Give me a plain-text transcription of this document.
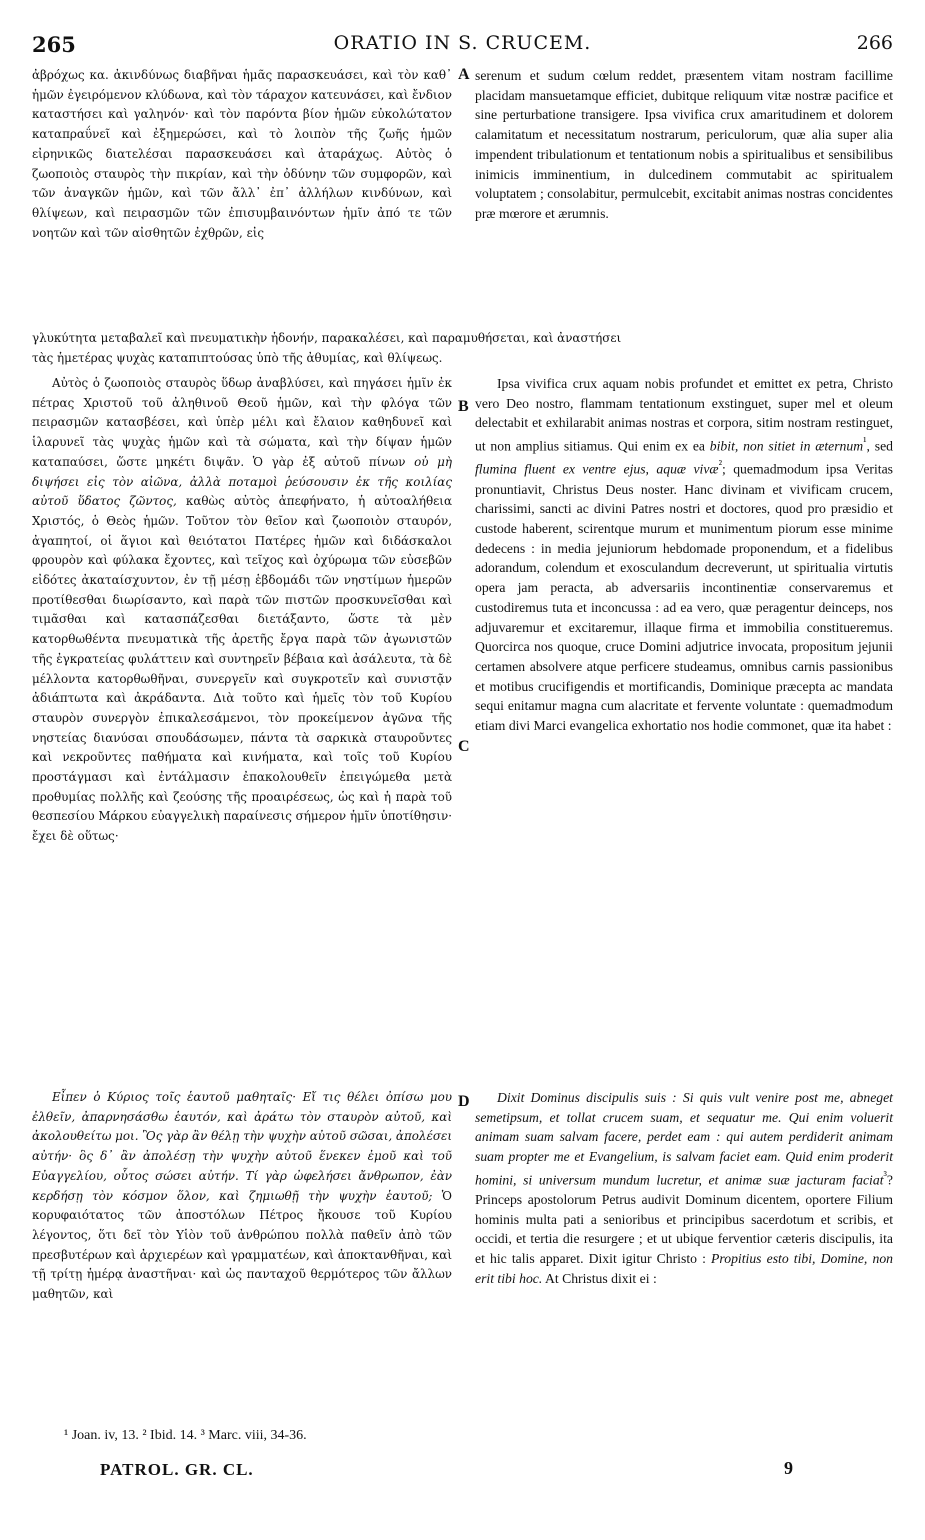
265	ORATIO IN S. CRUCEM.	266

ἀβρόχως κα. ἀκινδύνως διαβῆναι ἡμᾶς παρασκευάσει, καὶ τὸν καθ᾽ ἡμῶν ἐγειρόμενον κλύδωνα, καὶ τὸν τάραχον κατευνάσει, καὶ ἔνδιον καταστήσει καὶ γαληνόν· καὶ τὸν παρόντα βίον ἡμῶν εὐκολώτατον καταπραΰνεῖ καὶ ἐξημερώσει, καὶ τὸ λοιπὸν τῆς ζωῆς ἡμῶν εἰρηνικῶς διατελέσαι παρασκευάσει καὶ ἀταράχως. Αὐτὸς ὁ ζωοποιὸς σταυρὸς τὴν πικρίαν, καὶ τὴν ὀδύνην τῶν συμφορῶν, καὶ τῶν ἀναγκῶν ἡμῶν, καὶ τῶν ἄλλ᾽ ἐπ᾽ ἀλλήλων κινδύνων, καὶ θλίψεων, καὶ πειρασμῶν τῶν ἐπισυμβαινόντων ἡμῖν ἀπό τε τῶν νοητῶν καὶ τῶν αἰσθητῶν ἐχθρῶν, εἰς

A serenum et sudum cœlum reddet, præsentem vitam nostram facillime placidam mansuetamque efficiet, dubitque reliquum vitæ nostræ pacifice et sine perturbatione transigere. Ipsa vivifica crux amaritudinem et dolorem calamitatum et necessitatum nostrarum, periculorum, quæ alia super alia impendent tribulationum et tentationum nobis a spiritualibus et sensibilibus inimicis imminentium, in dulcedinem commutabit ac spiritualem voluptatem ; consolabitur, permulcebit, excitabit animas nostras concidentes præ mœrore et ærumnis.

γλυκύτητα μεταβαλεῖ καὶ πνευματικὴν ἡδονήν, παρακαλέσει, καὶ παραμυθήσεται, καὶ ἀναστήσει
τὰς ἡμετέρας ψυχὰς καταπιπτούσας ὑπὸ τῆς ἀθυμίας, καὶ θλίψεως.

Αὐτὸς ὁ ζωοποιὸς σταυρὸς ὕδωρ ἀναβλύσει, καὶ πηγάσει ἡμῖν ἐκ πέτρας Χριστοῦ τοῦ ἀληθινοῦ Θεοῦ ἡμῶν, καὶ τὴν φλόγα τῶν πειρασμῶν κατασβέσει, καὶ ὑπὲρ μέλι καὶ ἔλαιον καθηδυνεῖ καὶ ἱλαρυνεῖ τὰς ψυχὰς ἡμῶν καὶ τὰ σώματα, καὶ τὴν δίψαν ἡμῶν καταπαύσει, ὥστε μηκέτι διψᾶν. Ὁ γὰρ ἐξ αὐτοῦ πίνων οὐ μὴ διψήσει εἰς τὸν αἰῶνα, ἀλλὰ ποταμοὶ ῥεύσουσιν ἐκ τῆς κοιλίας αὐτοῦ ὕδατος ζῶντος, καθὼς αὐτὸς ἀπεφήνατο, ἡ αὐτοαλήθεια Χριστός, ὁ Θεὸς ἡμῶν. Τοῦτον τὸν θεῖον καὶ ζωοποιὸν σταυρόν, ἀγαπητοί, οἱ ἅγιοι καὶ θειότατοι Πατέρες ἡμῶν καὶ διδάσκαλοι φρουρὸν καὶ φύλακα ἔχοντες, καὶ τεῖχος καὶ ὀχύρωμα τῶν εὐσεβῶν εἰδότες ἀκαταίσχυντον, ἐν τῇ μέσῃ ἑβδομάδι τῶν νηστίμων ἡμερῶν προτίθεσθαι διωρίσαντο, καὶ παρὰ τῶν πιστῶν προσκυνεῖσθαι καὶ τιμᾶσθαι καὶ κατασπάζεσθαι διετάξαντο, ὥστε τὰ μὲν κατορθωθέντα πνευματικὰ τῆς ἀρετῆς ἔργα παρὰ τῶν ἀγωνιστῶν τῆς ἐγκρατείας φυλάττειν καὶ συντηρεῖν βέβαια καὶ ἀσάλευτα, τὰ δὲ μέλλοντα κατορθωθῆναι, συνεργεῖν καὶ συγκροτεῖν καὶ συνιστᾷν ἀδιάπτωτα καὶ ἀκράδαντα. Διὰ τοῦτο καὶ ἡμεῖς τὸν τοῦ Κυρίου σταυρὸν συνεργὸν ἐπικαλεσάμενοι, τὸν προκείμενον ἀγῶνα τῆς νηστείας διανύσαι σπουδάσωμεν, πάντα τὰ σαρκικὰ σταυροῦντες καὶ νεκροῦντες παθήματα καὶ κινήματα, καὶ τοῖς τοῦ Κυρίου προστάγμασι καὶ ἐντάλμασιν ἐπακολουθεῖν ἐπειγώμεθα μετὰ προθυμίας πολλῆς καὶ ζεούσης τῆς προαιρέσεως, ὡς καὶ ἡ παρὰ τοῦ θεσπεσίου Μάρκου εὐαγγελικὴ παραίνεσις σήμερον ἡμῖν ὑποτίθησιν· ἔχει δὲ οὕτως·

B
C

Ipsa vivifica crux aquam nobis profundet et emittet ex petra, Christo vero Deo nostro, flammam tentationum exstinguet, super mel et oleum delectabit et exhilarabit animas nostras et corpora, sitim nostram restinguet, ut non amplius sitiamus. Qui enim ex ea bibit, non sitiet in æternum$^{^1}$, sed flumina fluent ex ventre ejus, aquæ vivæ$^{^2}$; quemadmodum ipsa Veritas pronuntiavit, Christus Deus noster. Hanc divinam et vivificam crucem, charissimi, sancti ac divini Patres nostri et doctores, quod pro præsidio et custode haberent, scirentque murum et munimentum piorum esse minime dedecens : in media jejuniorum hebdomade proponendum, et a fidelibus adorandum, colendum et exosculandum decreverunt, ut spiritualia virtutis opera jam peracta, ab adversariis incontinentiæ conservaremus et custodiremus tuta et inconcussa : ad ea vero, quæ peragentur deinceps, nos adjuvaremur et excitaremur, illaque firma et immobilia constitueremus. Quorcirca nos quoque, cruce Domini adjutrice invocata, propositum jejunii certamen absolvere atque perficere studeamus, omnibus carnis passionibus et motibus crucifigendis et mortificandis, Dominique præcepta ac mandata sequi enitamur magna cum alacritate et fervente voluntate : quemadmodum etiam divi Marci evangelica exhortatio nos hodie commonet, quæ ita habet :

Εἶπεν ὁ Κύριος τοῖς ἑαυτοῦ μαθηταῖς· Εἴ τις θέλει ὀπίσω μου ἐλθεῖν, ἀπαρνησάσθω ἑαυτόν, καὶ ἀράτω τὸν σταυρὸν αὐτοῦ, καὶ ἀκολουθείτω μοι. Ὃς γὰρ ἂν θέλῃ τὴν ψυχὴν αὐτοῦ σῶσαι, ἀπολέσει αὐτήν· ὃς δ᾽ ἂν ἀπολέσῃ τὴν ψυχὴν αὐτοῦ ἕνεκεν ἐμοῦ καὶ τοῦ Εὐαγγελίου, οὗτος σώσει αὐτήν. Τί γὰρ ὠφελήσει ἄνθρωπον, ἐὰν κερδήσῃ τὸν κόσμον ὅλον, καὶ ζημιωθῇ τὴν ψυχὴν ἑαυτοῦ; Ὁ κορυφαιότατος τῶν ἀποστόλων Πέτρος ἤκουσε τοῦ Κυρίου λέγοντος, ὅτι δεῖ τὸν Υἱὸν τοῦ ἀνθρώπου πολλὰ παθεῖν ἀπὸ τῶν πρεσβυτέρων καὶ ἀρχιερέων καὶ γραμματέων, καὶ ἀποκτανθῆναι, καὶ τῇ τρίτῃ ἡμέρᾳ ἀναστῆναι· καὶ ὡς πανταχοῦ θερμότερος τῶν ἄλλων μαθητῶν, καὶ

D	Dixit Dominus discipulis suis : Si quis vult venire post me, abneget semetipsum, et tollat crucem suam, et sequatur me. Qui enim voluerit animam suam salvam facere, perdet eam : qui autem perdiderit animam suam propter me et Evangelium, is salvam faciet eam. Quid enim proderit homini, si universum mundum lucretur, et animæ suæ jacturam faciat$^{^3}$? Princeps apostolorum Petrus audivit Dominum dicentem, oportere Filium hominis multa pati a senioribus et principibus sacerdotum et scribis, et occidi, et tertia die resurgere ; et ut ubique ferventior cæteris discipulis, ita et hic talis apparet. Dixit igitur Christo : Propitius esto tibi, Domine, non erit tibi hoc. At Christus dixit ei :

¹ Joan. iv, 13. ² Ibid. 14. ³ Marc. viii, 34-36.
PATROL. GR. CL.	9
